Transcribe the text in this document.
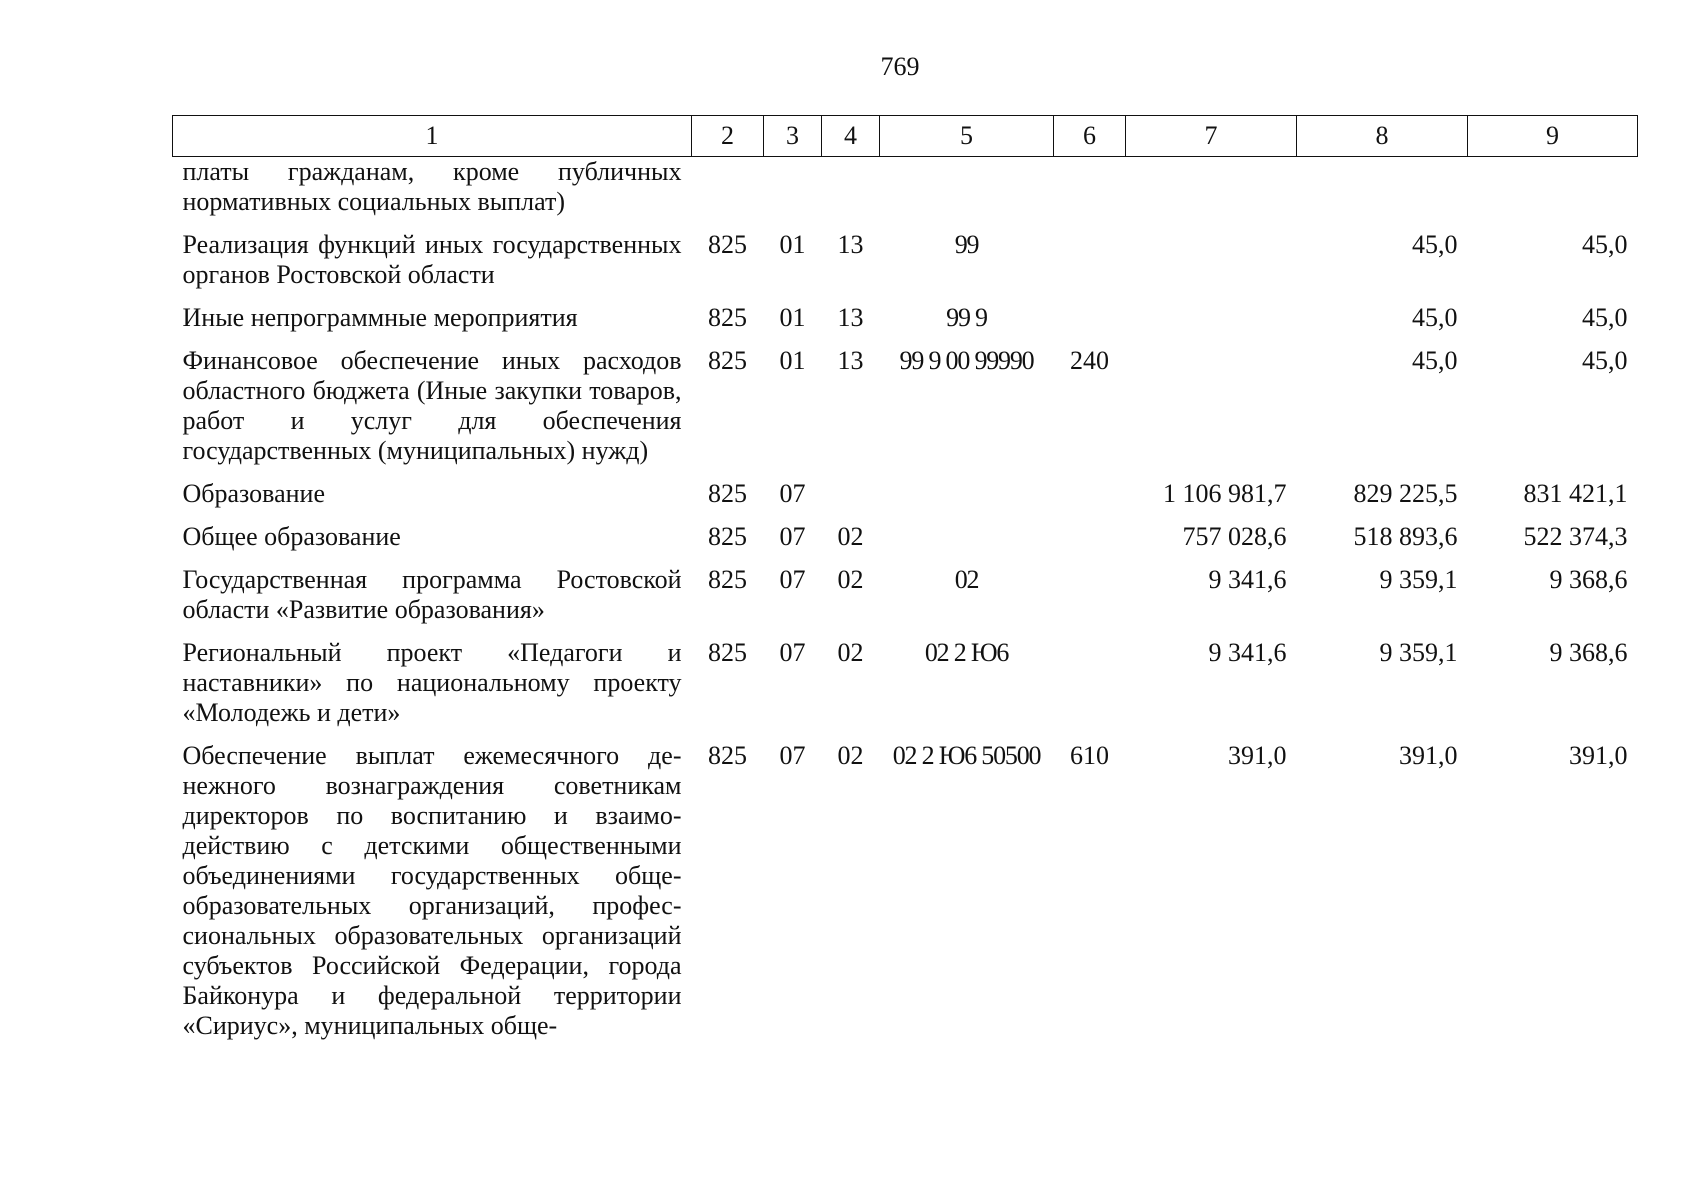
769
1	2	3	4	5	6	7	8	9
платы гражданам, кроме публичных нормативных социальных выплат)								
Реализация функций иных государственных органов Ростовской области	825	01	13	99			45,0	45,0
Иные непрограммные мероприятия	825	01	13	99 9			45,0	45,0
Финансовое обеспечение иных расходов областного бюджета (Иные закупки товаров, работ и услуг для обеспечения государственных (муниципальных) нужд)	825	01	13	99 9 00 99990	240		45,0	45,0
Образование	825	07				1 106 981,7	829 225,5	831 421,1
Общее образование	825	07	02			757 028,6	518 893,6	522 374,3
Государственная программа Ростовской области «Развитие образования»	825	07	02	02		9 341,6	9 359,1	9 368,6
Региональный проект «Педагоги и наставники» по национальному проекту «Молодежь и дети»	825	07	02	02 2 Ю6		9 341,6	9 359,1	9 368,6
Обеспечение выплат ежемесячного денежного вознаграждения советникам директоров по воспитанию и взаимодействию с детскими общественными объединениями государственных общеобразовательных организаций, профессиональных образовательных организаций субъектов Российской Федерации, города Байконура и федеральной территории «Сириус», муниципальных обще-	825	07	02	02 2 Ю6 50500	610	391,0	391,0	391,0
